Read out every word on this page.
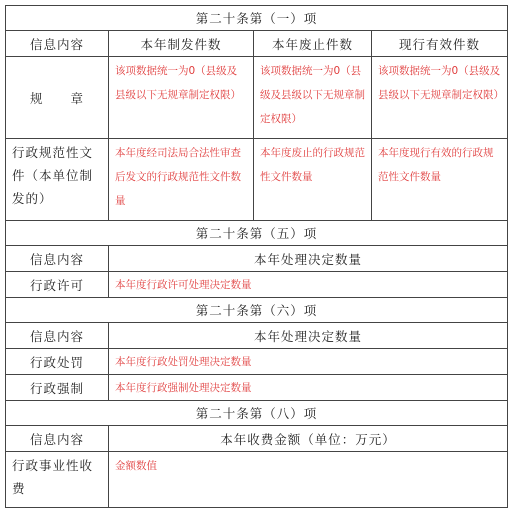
第二十条第（一）项			
信息内容	本年制发件数	本年废止件数	现行有效件数
规　　章	该项数据统一为0（县级及县级以下无规章制定权限）	该项数据统一为0（县级及县级以下无规章制定权限）	该项数据统一为0（县级及县级以下无规章制定权限）
行政规范性文件（本单位制发的）	本年度经司法局合法性审查后发文的行政规范性文件数量	本年度废止的行政规范性文件数量	本年度现行有效的行政规范性文件数量
第二十条第（五）项			
信息内容	本年处理决定数量		
行政许可	本年度行政许可处理决定数量		
第二十条第（六）项			
信息内容	本年处理决定数量		
行政处罚	本年度行政处罚处理决定数量		
行政强制	本年度行政强制处理决定数量		
第二十条第（八）项			
信息内容	本年收费金额（单位：万元）		
行政事业性收费	金额数值		
